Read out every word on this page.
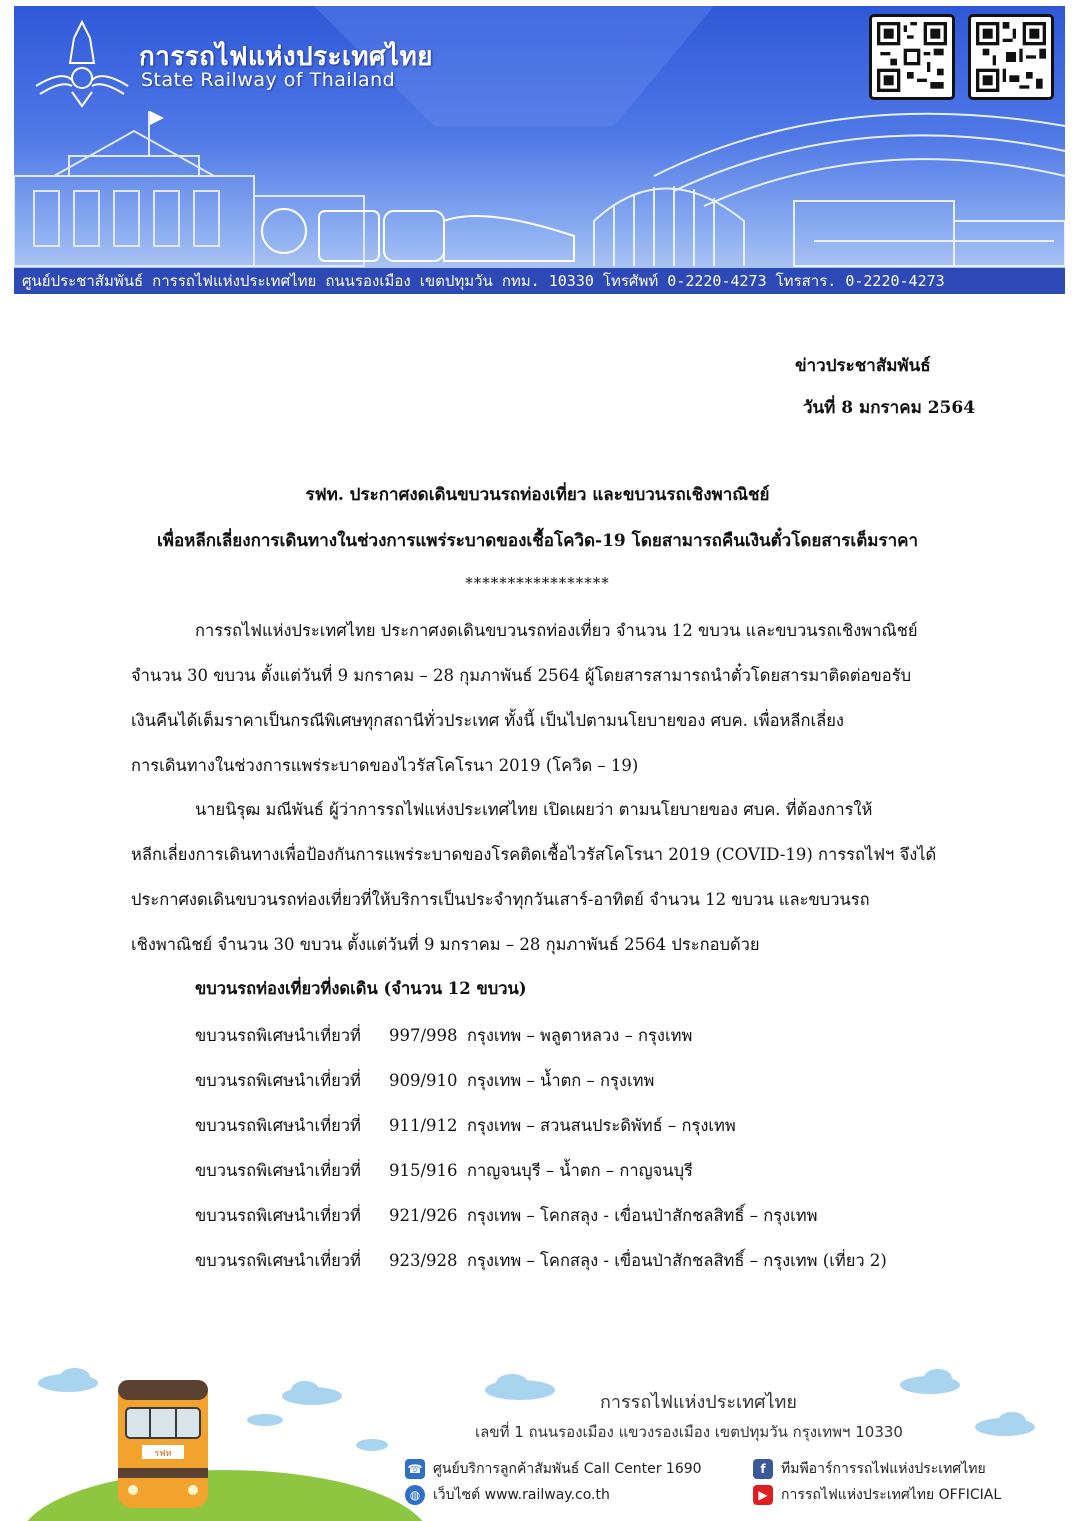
การรถไฟแห่งประเทศไทย
State Railway of Thailand
ศูนย์ประชาสัมพันธ์ การรถไฟแห่งประเทศไทย ถนนรองเมือง เขตปทุมวัน กทม. 10330 โทรศัพท์ 0-2220-4273 โทรสาร. 0-2220-4273
ข่าวประชาสัมพันธ์
วันที่ 8 มกราคม 2564
รฟท. ประกาศงดเดินขบวนรถท่องเที่ยว และขบวนรถเชิงพาณิชย์
เพื่อหลีกเลี่ยงการเดินทางในช่วงการแพร่ระบาดของเชื้อโควิด-19 โดยสามารถคืนเงินตั๋วโดยสารเต็มราคา
*****************
การรถไฟแห่งประเทศไทย ประกาศงดเดินขบวนรถท่องเที่ยว จำนวน 12 ขบวน และขบวนรถเชิงพาณิชย์
จำนวน 30 ขบวน ตั้งแต่วันที่ 9 มกราคม – 28 กุมภาพันธ์ 2564 ผู้โดยสารสามารถนำตั๋วโดยสารมาติดต่อขอรับ
เงินคืนได้เต็มราคาเป็นกรณีพิเศษทุกสถานีทั่วประเทศ ทั้งนี้ เป็นไปตามนโยบายของ ศบค. เพื่อหลีกเลี่ยง
การเดินทางในช่วงการแพร่ระบาดของไวรัสโคโรนา 2019 (โควิด – 19)
นายนิรุฒ มณีพันธ์ ผู้ว่าการรถไฟแห่งประเทศไทย เปิดเผยว่า ตามนโยบายของ ศบค. ที่ต้องการให้
หลีกเลี่ยงการเดินทางเพื่อป้องกันการแพร่ระบาดของโรคติดเชื้อไวรัสโคโรนา 2019 (COVID-19) การรถไฟฯ จึงได้
ประกาศงดเดินขบวนรถท่องเที่ยวที่ให้บริการเป็นประจำทุกวันเสาร์-อาทิตย์ จำนวน 12 ขบวน และขบวนรถ
เชิงพาณิชย์ จำนวน 30 ขบวน ตั้งแต่วันที่ 9 มกราคม – 28 กุมภาพันธ์ 2564 ประกอบด้วย
ขบวนรถท่องเที่ยวที่งดเดิน (จำนวน 12 ขบวน)
ขบวนรถพิเศษนำเที่ยวที่	997/998 กรุงเทพ – พลูตาหลวง – กรุงเทพ
ขบวนรถพิเศษนำเที่ยวที่	909/910 กรุงเทพ – น้ำตก – กรุงเทพ
ขบวนรถพิเศษนำเที่ยวที่	911/912 กรุงเทพ – สวนสนประดิพัทธ์ – กรุงเทพ
ขบวนรถพิเศษนำเที่ยวที่	915/916 กาญจนบุรี – น้ำตก – กาญจนบุรี
ขบวนรถพิเศษนำเที่ยวที่	921/926 กรุงเทพ – โคกสลุง - เขื่อนป่าสักชลสิทธิ์ – กรุงเทพ
ขบวนรถพิเศษนำเที่ยวที่	923/928 กรุงเทพ – โคกสลุง - เขื่อนป่าสักชลสิทธิ์ – กรุงเทพ (เที่ยว 2)
รฟท
การรถไฟแห่งประเทศไทย
เลขที่ 1 ถนนรองเมือง แขวงรองเมือง เขตปทุมวัน กรุงเทพฯ 10330
☎ ศูนย์บริการลูกค้าสัมพันธ์ Call Center 1690
◍ เว็บไซต์ www.railway.co.th
f	ทีมพีอาร์การรถไฟแห่งประเทศไทย
▶ การรถไฟแห่งประเทศไทย OFFICIAL
